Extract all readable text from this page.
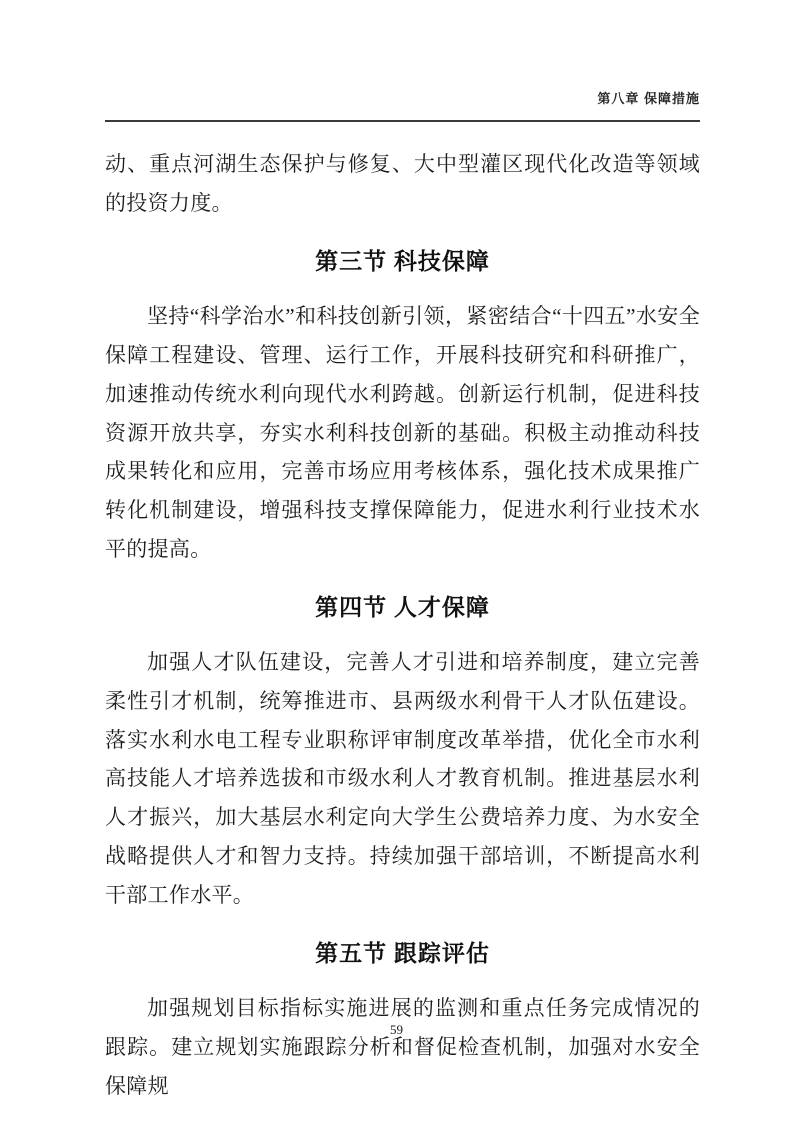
第八章 保障措施

动、重点河湖生态保护与修复、大中型灌区现代化改造等领域的投资力度。

第三节 科技保障

坚持“科学治水”和科技创新引领，紧密结合“十四五”水安全保障工程建设、管理、运行工作，开展科技研究和科研推广，加速推动传统水利向现代水利跨越。创新运行机制，促进科技资源开放共享，夯实水利科技创新的基础。积极主动推动科技成果转化和应用，完善市场应用考核体系，强化技术成果推广转化机制建设，增强科技支撑保障能力，促进水利行业技术水平的提高。

第四节 人才保障

加强人才队伍建设，完善人才引进和培养制度，建立完善柔性引才机制，统筹推进市、县两级水利骨干人才队伍建设。落实水利水电工程专业职称评审制度改革举措，优化全市水利高技能人才培养选拔和市级水利人才教育机制。推进基层水利人才振兴，加大基层水利定向大学生公费培养力度、为水安全战略提供人才和智力支持。持续加强干部培训，不断提高水利干部工作水平。

第五节 跟踪评估

加强规划目标指标实施进展的监测和重点任务完成情况的跟踪。建立规划实施跟踪分析和督促检查机制，加强对水安全保障规

59
